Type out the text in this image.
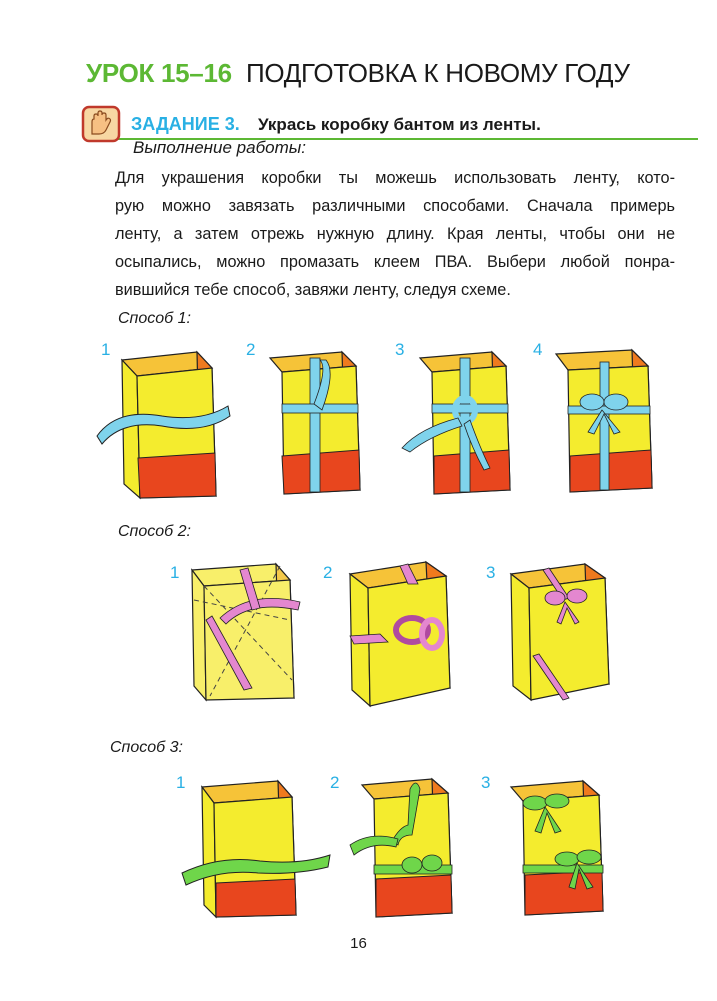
УРОК 15–16 ПОДГОТОВКА К НОВОМУ ГОДУ
ЗАДАНИЕ 3. Укрась коробку бантом из ленты.
Выполнение работы:
Для украшения коробки ты можешь использовать ленту, кото-
рую можно завязать различными способами. Сначала примерь
ленту, а затем отрежь нужную длину. Края ленты, чтобы они не
осыпались, можно промазать клеем ПВА. Выбери любой понра-
вившийся тебе способ, завяжи ленту, следуя схеме.
Способ 1:
1	2	3	4
Способ 2:
1	2	3
Способ 3:
1	2	3
16
